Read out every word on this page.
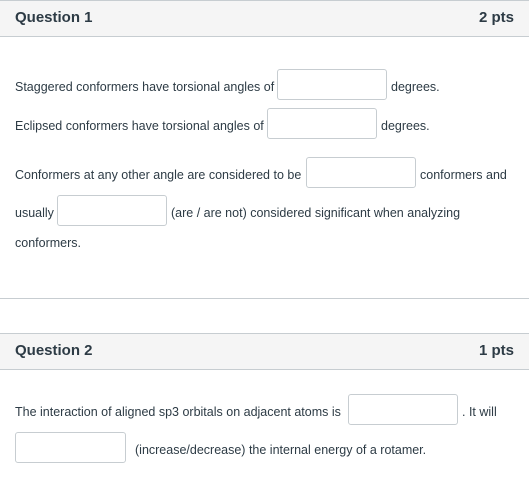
Question 1	2 pts
Staggered conformers have torsional angles of	degrees.
Eclipsed conformers have torsional angles of	degrees.
Conformers at any other angle are considered to be	conformers and
usually	(are / are not) considered significant when analyzing
conformers.
Question 2	1 pts
The interaction of aligned sp3 orbitals on adjacent atoms is	. It will
(increase/decrease) the internal energy of a rotamer.
